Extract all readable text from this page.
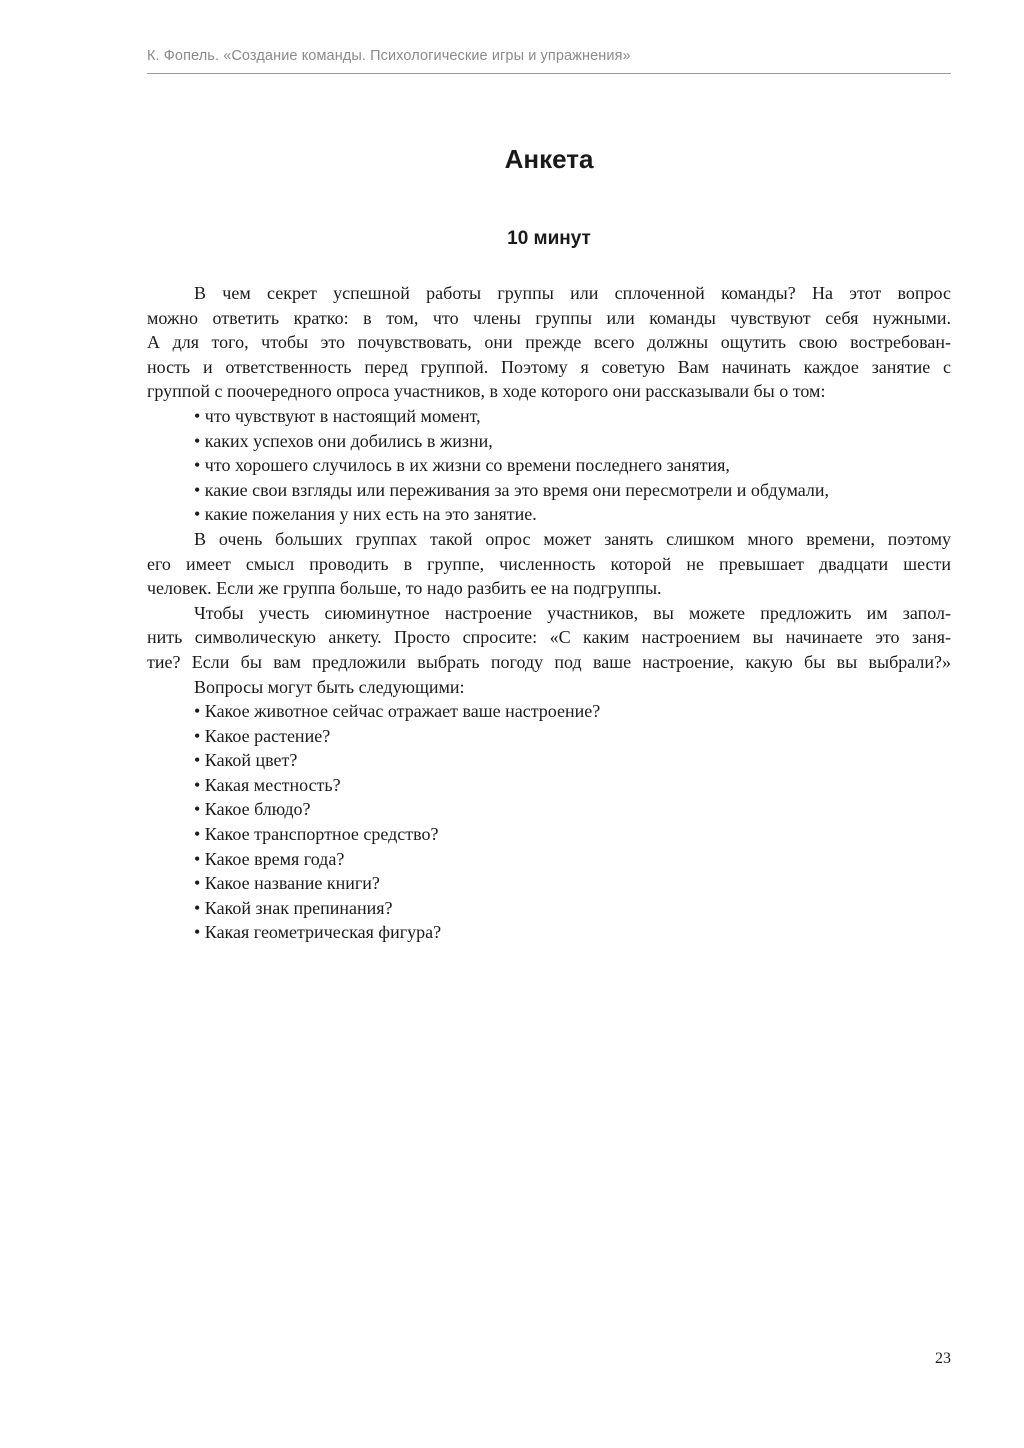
К. Фопель. «Создание команды. Психологические игры и упражнения»
Анкета
10 минут
В чем секрет успешной работы группы или сплоченной команды? На этот вопрос
можно ответить кратко: в том, что члены группы или команды чувствуют себя нужными.
А для того, чтобы это почувствовать, они прежде всего должны ощутить свою востребован-
ность и ответственность перед группой. Поэтому я советую Вам начинать каждое занятие с
группой с поочередного опроса участников, в ходе которого они рассказывали бы о том:
• что чувствуют в настоящий момент,
• каких успехов они добились в жизни,
• что хорошего случилось в их жизни со времени последнего занятия,
• какие свои взгляды или переживания за это время они пересмотрели и обдумали,
• какие пожелания у них есть на это занятие.
В очень больших группах такой опрос может занять слишком много времени, поэтому
его имеет смысл проводить в группе, численность которой не превышает двадцати шести
человек. Если же группа больше, то надо разбить ее на подгруппы.
Чтобы учесть сиюминутное настроение участников, вы можете предложить им запол-
нить символическую анкету. Просто спросите: «С каким настроением вы начинаете это заня-
тие? Если бы вам предложили выбрать погоду под ваше настроение, какую бы вы выбрали?»
Вопросы могут быть следующими:
• Какое животное сейчас отражает ваше настроение?
• Какое растение?
• Какой цвет?
• Какая местность?
• Какое блюдо?
• Какое транспортное средство?
• Какое время года?
• Какое название книги?
• Какой знак препинания?
• Какая геометрическая фигура?
23
